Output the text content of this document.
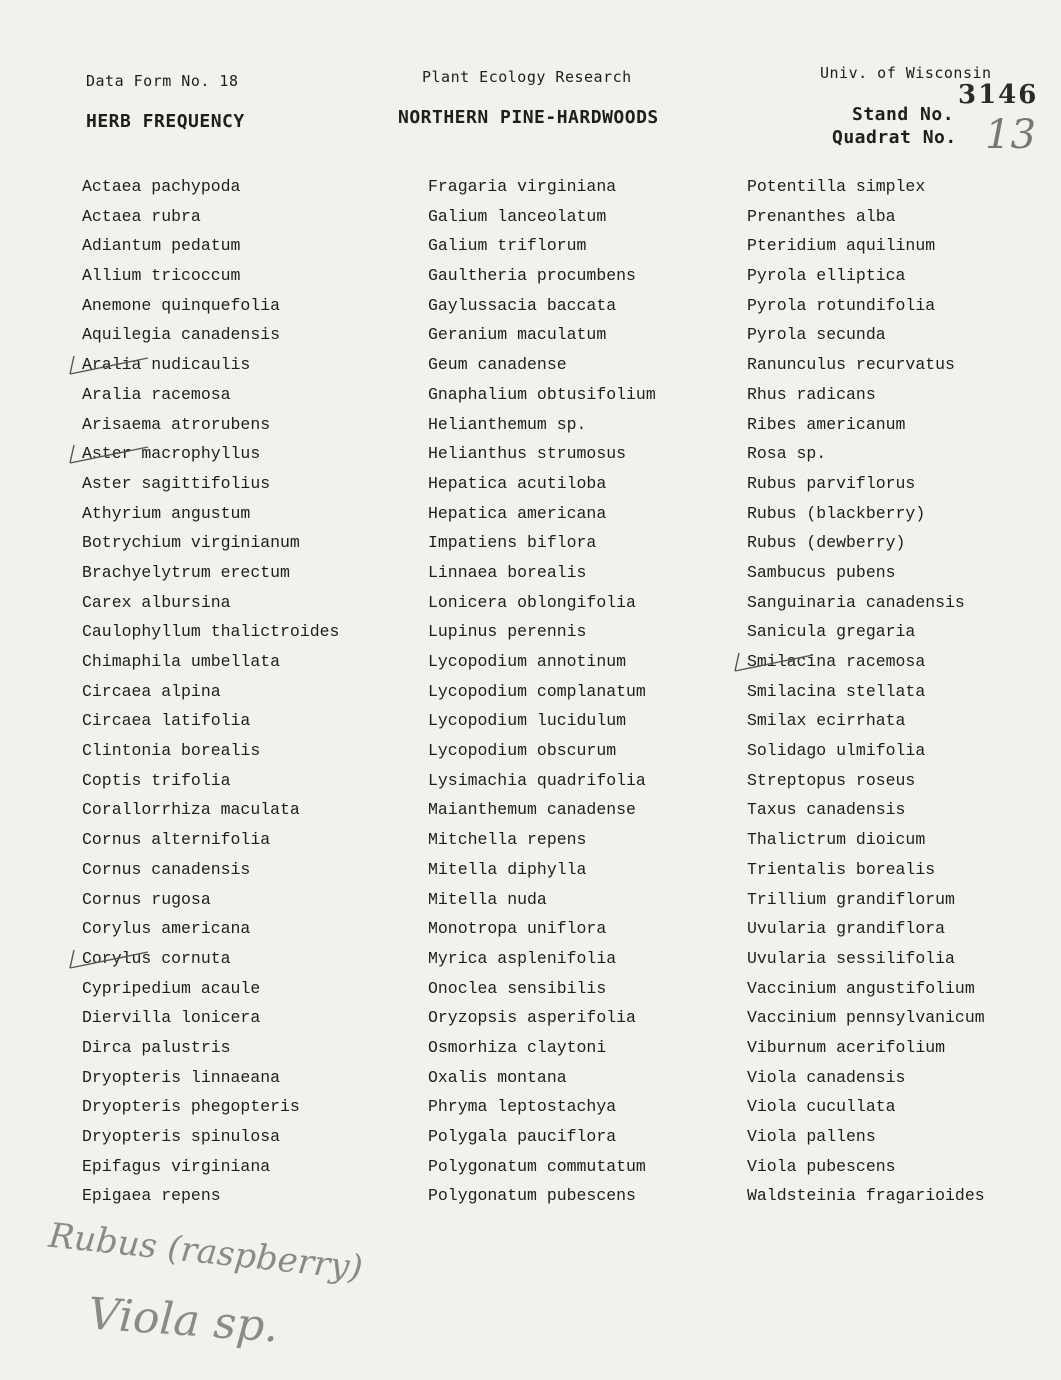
Data Form No. 18
HERB FREQUENCY
Plant Ecology Research
NORTHERN PINE-HARDWOODS
Univ. of Wisconsin
Stand No.
Quadrat No.
3146
13
Actaea pachypoda
Actaea rubra
Adiantum pedatum
Allium tricoccum
Anemone quinquefolia
Aquilegia canadensis
Aralia nudicaulis
Aralia racemosa
Arisaema atrorubens
Aster macrophyllus
Aster sagittifolius
Athyrium angustum
Botrychium virginianum
Brachyelytrum erectum
Carex albursina
Caulophyllum thalictroides
Chimaphila umbellata
Circaea alpina
Circaea latifolia
Clintonia borealis
Coptis trifolia
Corallorrhiza maculata
Cornus alternifolia
Cornus canadensis
Cornus rugosa
Corylus americana
Corylus cornuta
Cypripedium acaule
Diervilla lonicera
Dirca palustris
Dryopteris linnaeana
Dryopteris phegopteris
Dryopteris spinulosa
Epifagus virginiana
Epigaea repens
Fragaria virginiana
Galium lanceolatum
Galium triflorum
Gaultheria procumbens
Gaylussacia baccata
Geranium maculatum
Geum canadense
Gnaphalium obtusifolium
Helianthemum sp.
Helianthus strumosus
Hepatica acutiloba
Hepatica americana
Impatiens biflora
Linnaea borealis
Lonicera oblongifolia
Lupinus perennis
Lycopodium annotinum
Lycopodium complanatum
Lycopodium lucidulum
Lycopodium obscurum
Lysimachia quadrifolia
Maianthemum canadense
Mitchella repens
Mitella diphylla
Mitella nuda
Monotropa uniflora
Myrica asplenifolia
Onoclea sensibilis
Oryzopsis asperifolia
Osmorhiza claytoni
Oxalis montana
Phryma leptostachya
Polygala pauciflora
Polygonatum commutatum
Polygonatum pubescens
Potentilla simplex
Prenanthes alba
Pteridium aquilinum
Pyrola elliptica
Pyrola rotundifolia
Pyrola secunda
Ranunculus recurvatus
Rhus radicans
Ribes americanum
Rosa sp.
Rubus parviflorus
Rubus (blackberry)
Rubus (dewberry)
Sambucus pubens
Sanguinaria canadensis
Sanicula gregaria
Smilacina racemosa
Smilacina stellata
Smilax ecirrhata
Solidago ulmifolia
Streptopus roseus
Taxus canadensis
Thalictrum dioicum
Trientalis borealis
Trillium grandiflorum
Uvularia grandiflora
Uvularia sessilifolia
Vaccinium angustifolium
Vaccinium pennsylvanicum
Viburnum acerifolium
Viola canadensis
Viola cucullata
Viola pallens
Viola pubescens
Waldsteinia fragarioides
Rubus (raspberry)
Viola sp.
